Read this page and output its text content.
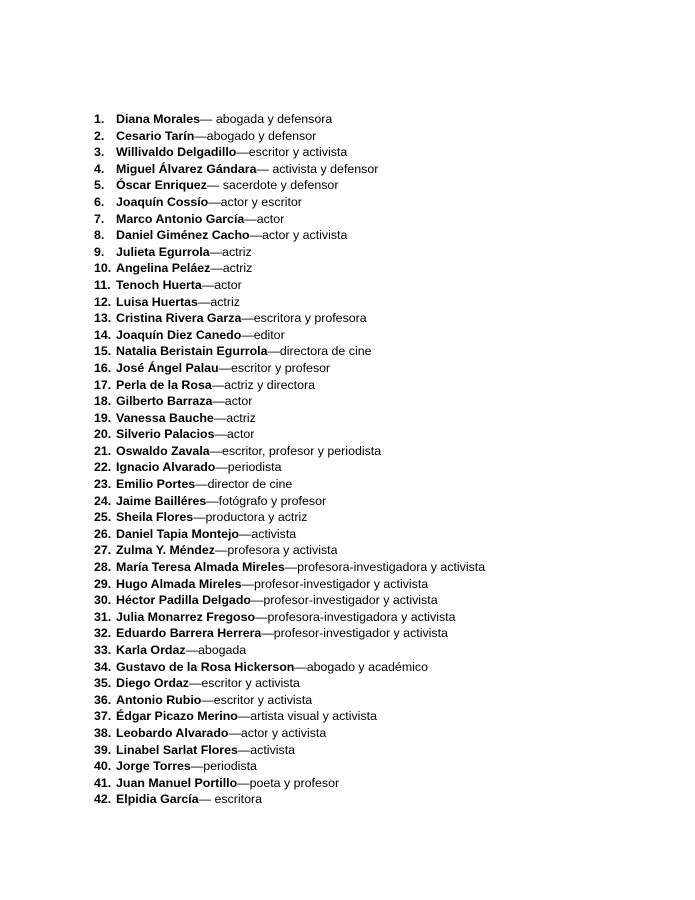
1. Diana Morales — abogada y defensora
2. Cesario Tarín —abogado y defensor
3. Willivaldo Delgadillo —escritor y activista
4. Miguel Álvarez Gándara — activista y defensor
5. Óscar Enriquez — sacerdote y defensor
6. Joaquín Cossío —actor y escritor
7. Marco Antonio García —actor
8. Daniel Giménez Cacho —actor y activista
9. Julieta Egurrola —actriz
10. Angelina Peláez —actriz
11. Tenoch Huerta —actor
12. Luisa Huertas —actriz
13. Cristina Rivera Garza —escritora y profesora
14. Joaquín Diez Canedo —editor
15. Natalia Beristain Egurrola —directora de cine
16. José Ángel Palau —escritor y profesor
17. Perla de la Rosa —actriz y directora
18. Gilberto Barraza —actor
19. Vanessa Bauche —actriz
20. Silverio Palacios —actor
21. Oswaldo Zavala —escritor, profesor y periodista
22. Ignacio Alvarado —periodista
23. Emilio Portes —director de cine
24. Jaime Bailléres —fotógrafo y profesor
25. Sheila Flores —productora y actriz
26. Daniel Tapia Montejo —activista
27. Zulma Y. Méndez —profesora y activista
28. María Teresa Almada Mireles —profesora-investigadora y activista
29. Hugo Almada Mireles —profesor-investigador y activista
30. Héctor Padilla Delgado —profesor-investigador y activista
31. Julia Monarrez Fregoso —profesora-investigadora y activista
32. Eduardo Barrera Herrera —profesor-investigador y activista
33. Karla Ordaz —abogada
34. Gustavo de la Rosa Hickerson —abogado y académico
35. Diego Ordaz —escritor y activista
36. Antonio Rubio —escritor y activista
37. Édgar Picazo Merino —artista visual y activista
38. Leobardo Alvarado —actor y activista
39. Linabel Sarlat Flores —activista
40. Jorge Torres —periodista
41. Juan Manuel Portillo —poeta y profesor
42. Elpidia García — escritora
